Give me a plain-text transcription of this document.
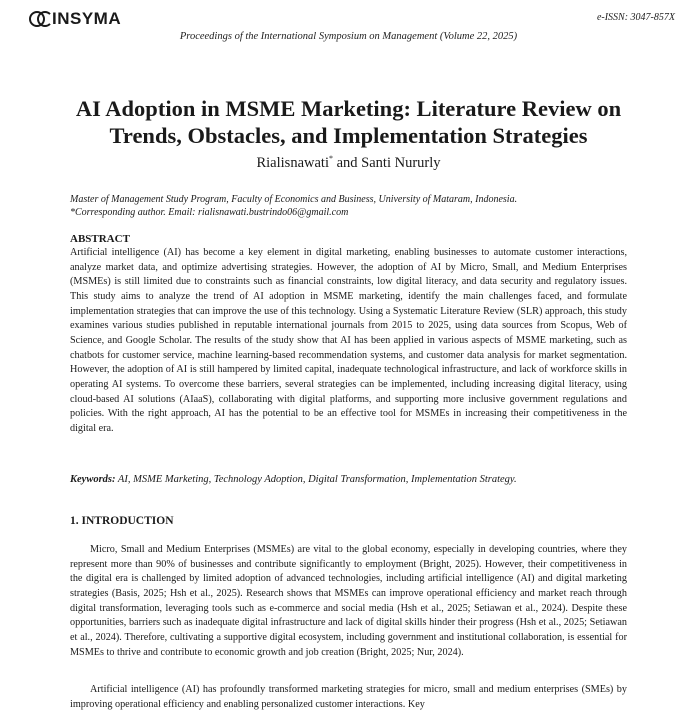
INSYMA	e-ISSN: 3047-857X
Proceedings of the International Symposium on Management (Volume 22, 2025)
AI Adoption in MSME Marketing: Literature Review on Trends, Obstacles, and Implementation Strategies
Rialisnawati* and Santi Nururly
Master of Management Study Program, Faculty of Economics and Business, University of Mataram, Indonesia.
*Corresponding author. Email: rialisnawati.bustrindo06@gmail.com
ABSTRACT

Artificial intelligence (AI) has become a key element in digital marketing, enabling businesses to automate customer interactions, analyze market data, and optimize advertising strategies. However, the adoption of AI by Micro, Small, and Medium Enterprises (MSMEs) is still limited due to constraints such as financial constraints, low digital literacy, and data security and regulatory issues. This study aims to analyze the trend of AI adoption in MSME marketing, identify the main challenges faced, and formulate implementation strategies that can improve the use of this technology. Using a Systematic Literature Review (SLR) approach, this study examines various studies published in reputable international journals from 2015 to 2025, using data sources from Scopus, Web of Science, and Google Scholar. The results of the study show that AI has been applied in various aspects of MSME marketing, such as chatbots for customer service, machine learning-based recommendation systems, and customer data analysis for market segmentation. However, the adoption of AI is still hampered by limited capital, inadequate technological infrastructure, and lack of workforce skills in operating AI systems. To overcome these barriers, several strategies can be implemented, including increasing digital literacy, using cloud-based AI solutions (AIaaS), collaborating with digital platforms, and supporting more inclusive government regulations and policies. With the right approach, AI has the potential to be an effective tool for MSMEs in increasing their competitiveness in the digital era.

Keywords: AI, MSME Marketing, Technology Adoption, Digital Transformation, Implementation Strategy.

1. INTRODUCTION

Micro, Small and Medium Enterprises (MSMEs) are vital to the global economy, especially in developing countries, where they represent more than 90% of businesses and contribute significantly to employment (Bright, 2025). However, their competitiveness in the digital era is challenged by limited adoption of advanced technologies, including artificial intelligence (AI) and digital marketing strategies (Basis, 2025; Hsh et al., 2025). Research shows that MSMEs can improve operational efficiency and market reach through digital transformation, leveraging tools such as e-commerce and social media (Hsh et al., 2025; Setiawan et al., 2024). Despite these opportunities, barriers such as inadequate digital infrastructure and lack of digital skills hinder their progress (Hsh et al., 2025; Setiawan et al., 2024). Therefore, cultivating a supportive digital ecosystem, including government and institutional collaboration, is essential for MSMEs to thrive and contribute to economic growth and job creation (Bright, 2025; Nur, 2024).

Artificial intelligence (AI) has profoundly transformed marketing strategies for micro, small and medium enterprises (SMEs) by improving operational efficiency and enabling personalized customer interactions. Key
